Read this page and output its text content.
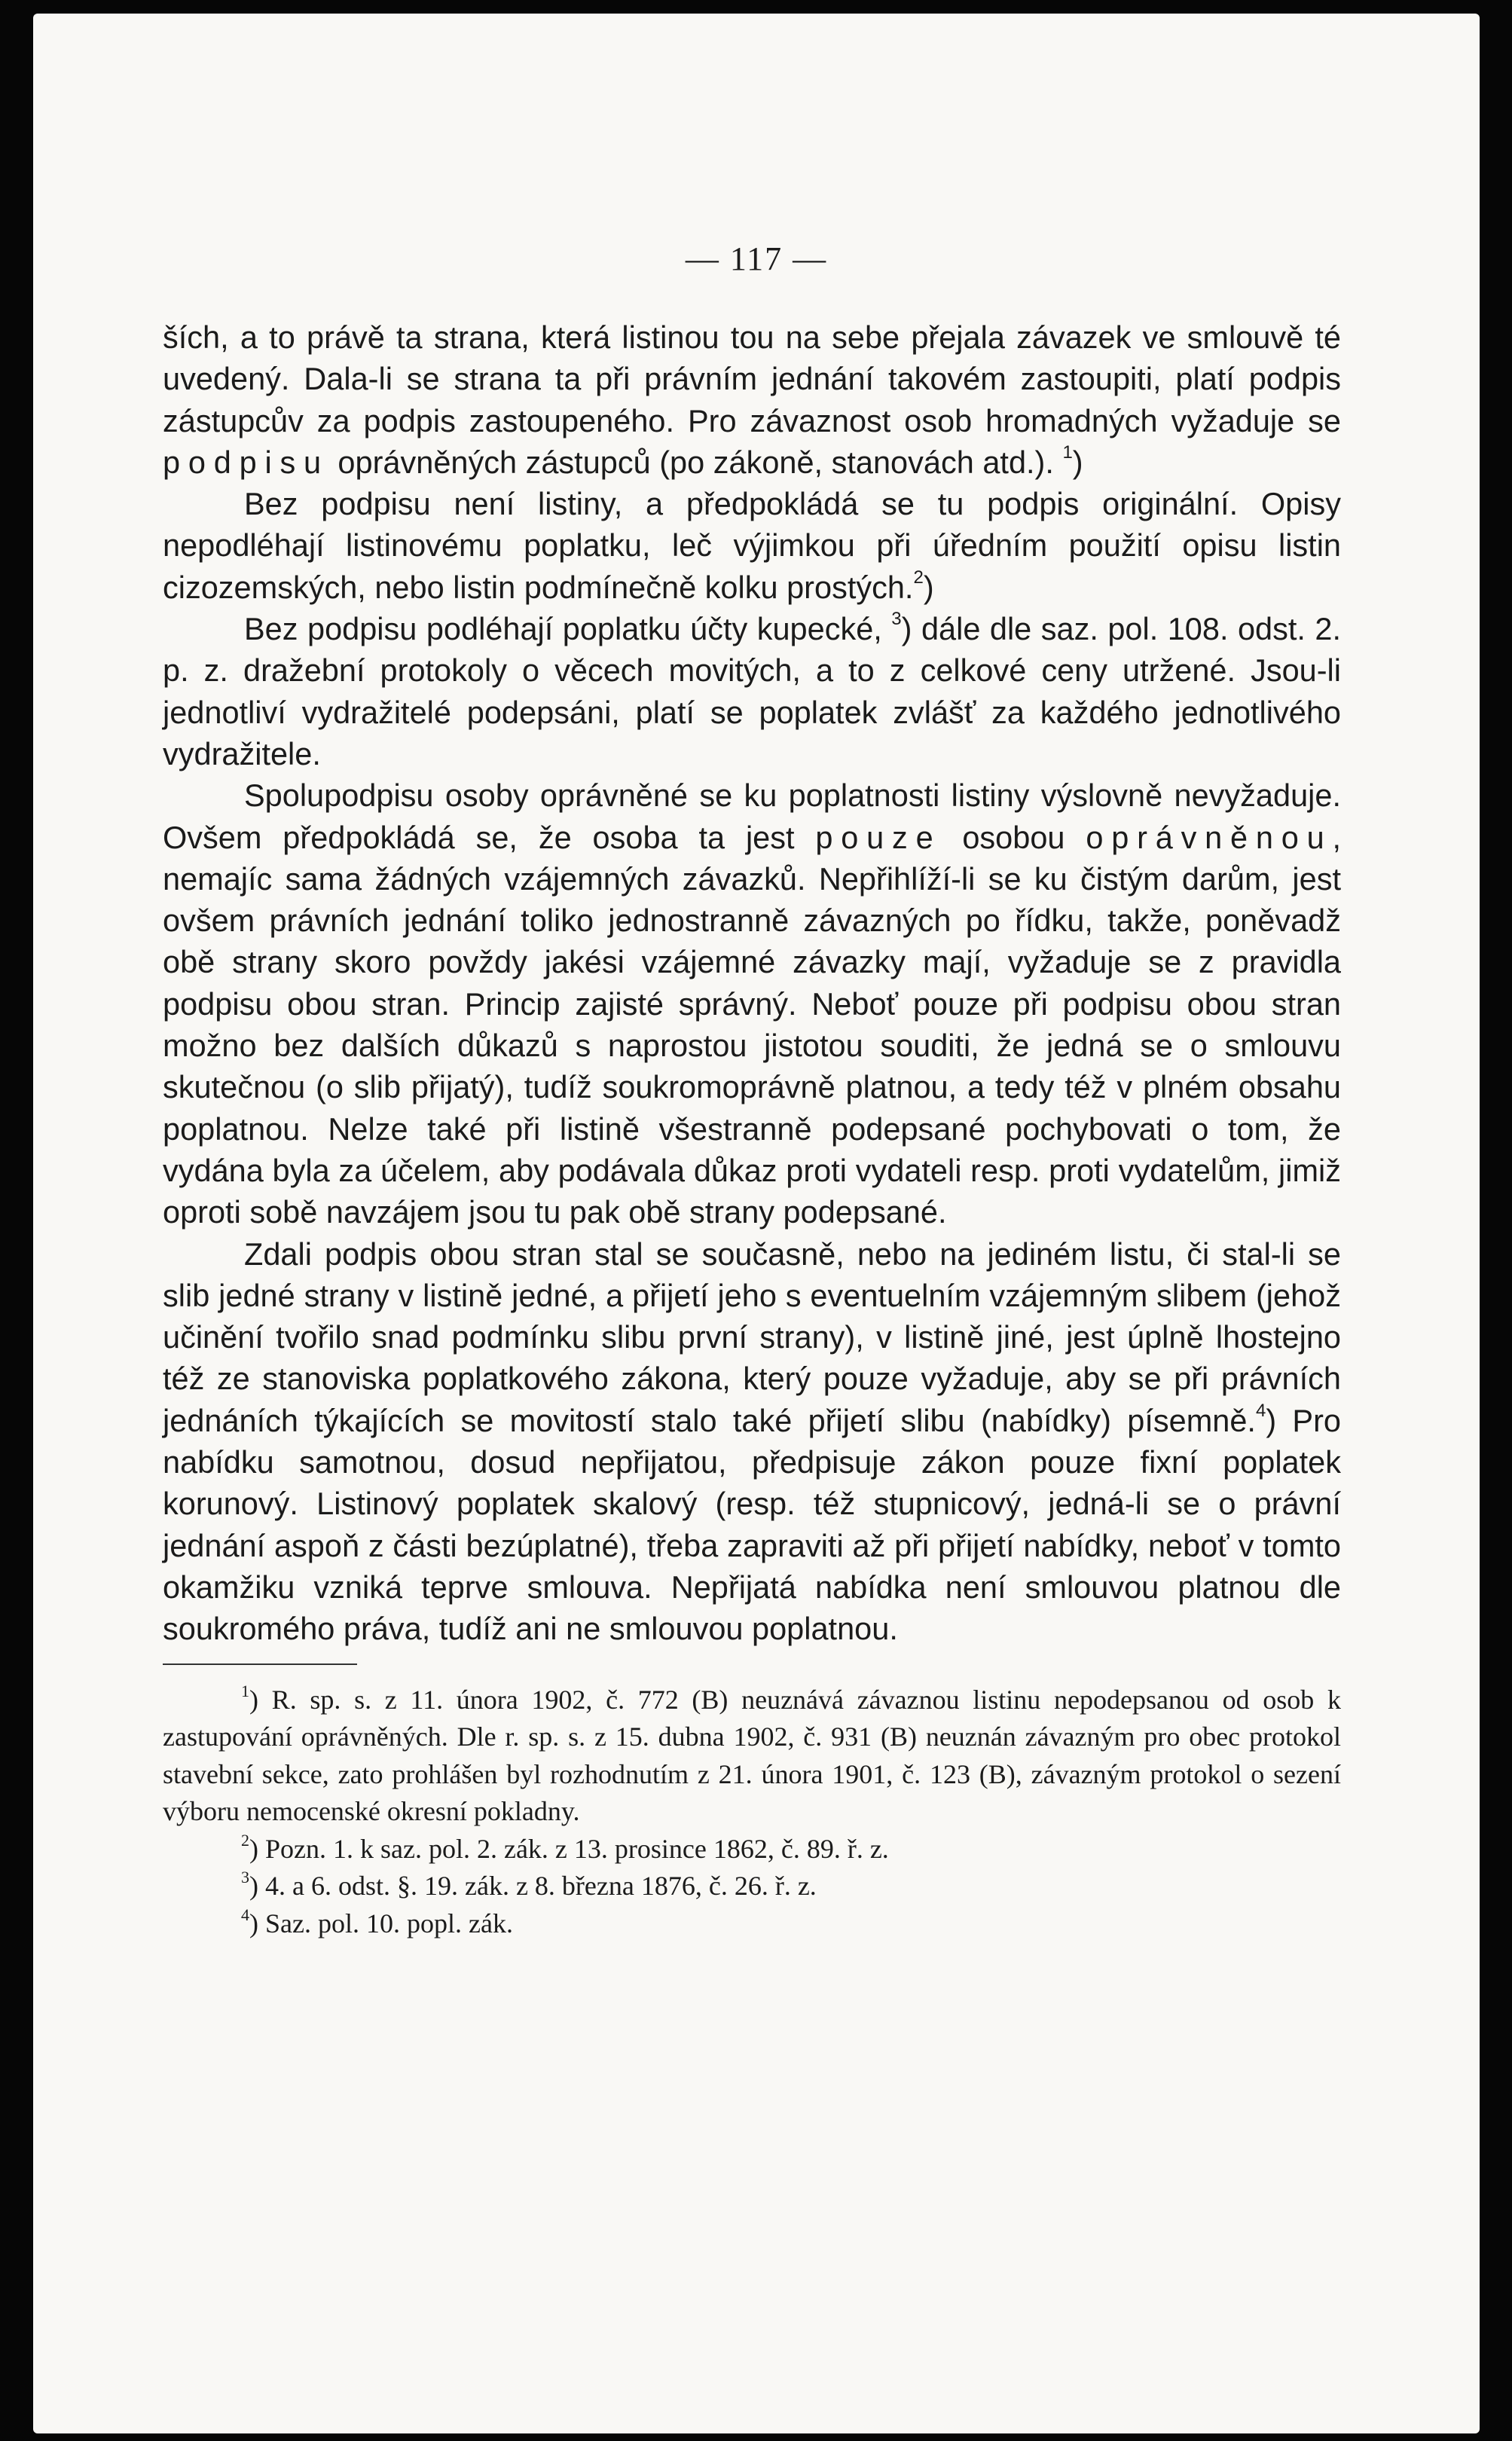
— 117 —

ších, a to právě ta strana, která listinou tou na sebe přejala závazek ve smlouvě té uvedený. Dala-li se strana ta při právním jednání takovém zastoupiti, platí podpis zástupcův za podpis zastoupeného. Pro závaznost osob hromadných vyžaduje se podpisu oprávněných zástupců (po zákoně, stanovách atd.). $^1$)

Bez podpisu není listiny, a předpokládá se tu podpis originální. Opisy nepodléhají listinovému poplatku, leč výjimkou při úředním použití opisu listin cizozemských, nebo listin podmínečně kolku prostých.$^2$)

Bez podpisu podléhají poplatku účty kupecké, $^3$) dále dle saz. pol. 108. odst. 2. p. z. dražební protokoly o věcech movitých, a to z celkové ceny utržené. Jsou-li jednotliví vydražitelé podepsáni, platí se poplatek zvlášť za každého jednotlivého vydražitele.

Spolupodpisu osoby oprávněné se ku poplatnosti listiny výslovně nevyžaduje. Ovšem předpokládá se, že osoba ta jest pouze osobou oprávněnou, nemajíc sama žádných vzájemných závazků. Nepřihlíží-li se ku čistým darům, jest ovšem právních jednání toliko jednostranně závazných po řídku, takže, poněvadž obě strany skoro povždy jakési vzájemné závazky mají, vyžaduje se z pravidla podpisu obou stran. Princip zajisté správný. Neboť pouze při podpisu obou stran možno bez dalších důkazů s naprostou jistotou souditi, že jedná se o smlouvu skutečnou (o slib přijatý), tudíž soukromoprávně platnou, a tedy též v plném obsahu poplatnou. Nelze také při listině všestranně podepsané pochybovati o tom, že vydána byla za účelem, aby podávala důkaz proti vydateli resp. proti vydatelům, jimiž oproti sobě navzájem jsou tu pak obě strany podepsané.

Zdali podpis obou stran stal se současně, nebo na jediném listu, či stal-li se slib jedné strany v listině jedné, a přijetí jeho s eventuelním vzájemným slibem (jehož učinění tvořilo snad podmínku slibu první strany), v listině jiné, jest úplně lhostejno též ze stanoviska poplatkového zákona, který pouze vyžaduje, aby se při právních jednáních týkajících se movitostí stalo také přijetí slibu (nabídky) písemně.$^4$) Pro nabídku samotnou, dosud nepřijatou, předpisuje zákon pouze fixní poplatek korunový. Listinový poplatek skalový (resp. též stupnicový, jedná-li se o právní jednání aspoň z části bezúplatné), třeba zapraviti až při přijetí nabídky, neboť v tomto okamžiku vzniká teprve smlouva. Nepřijatá nabídka není smlouvou platnou dle soukromého práva, tudíž ani ne smlouvou poplatnou.

$^1$) R. sp. s. z 11. února 1902, č. 772 (B) neuznává závaznou listinu nepodepsanou od osob k zastupování oprávněných. Dle r. sp. s. z 15. dubna 1902, č. 931 (B) neuznán závazným pro obec protokol stavební sekce, zato prohlášen byl rozhodnutím z 21. února 1901, č. 123 (B), závazným protokol o sezení výboru nemocenské okresní pokladny.

$^2$) Pozn. 1. k saz. pol. 2. zák. z 13. prosince 1862, č. 89. ř. z.

$^3$) 4. a 6. odst. §. 19. zák. z 8. března 1876, č. 26. ř. z.

$^4$) Saz. pol. 10. popl. zák.
